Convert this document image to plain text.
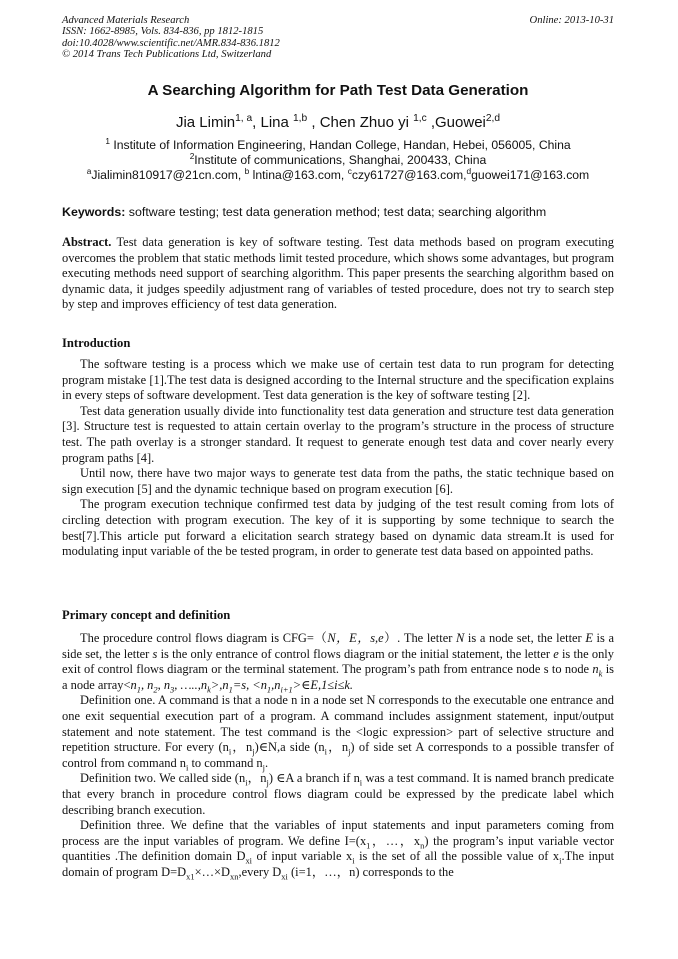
Advanced Materials Research
ISSN: 1662-8985, Vols. 834-836, pp 1812-1815
doi:10.4028/www.scientific.net/AMR.834-836.1812
© 2014 Trans Tech Publications Ltd, Switzerland
Online: 2013-10-31
A Searching Algorithm for Path Test Data Generation
Jia Limin$^{1, a}$, Lina $^{1,b}$ , Chen Zhuo yi $^{1,c}$ ,Guowei$^{2,d}$
$^1$ Institute of Information Engineering, Handan College, Handan, Hebei, 056005, China
$^2$Institute of communications, Shanghai, 200433, China
$^a$Jialimin810917@21cn.com, $^b$ lntina@163.com, $^c$czy61727@163.com,$^d$guowei171@163.com
Keywords: software testing; test data generation method; test data; searching algorithm

Abstract. Test data generation is key of software testing. Test data methods based on program executing overcomes the problem that static methods limit tested procedure, which shows some advantages, but program executing methods need support of searching algorithm. This paper presents the searching algorithm based on dynamic data, it judges speedily adjustment rang of variables of tested procedure, does not try to search step by step and improves efficiency of test data generation.

Introduction

The software testing is a process which we make use of certain test data to run program for detecting program mistake [1].The test data is designed according to the Internal structure and the specification explains in every steps of software development. Test data generation is the key of software testing [2].

Test data generation usually divide into functionality test data generation and structure test data generation [3]. Structure test is requested to attain certain overlay to the program’s structure in the process of structure test. The path overlay is a stronger standard. It request to generate enough test data and cover nearly every program paths [4].

Until now, there have two major ways to generate test data from the paths, the static technique based on sign execution [5] and the dynamic technique based on program execution [6].

The program execution technique confirmed test data by judging of the test result coming from lots of circling detection with program execution. The key of it is supporting by some technique to search the best[7].This article put forward a elicitation search strategy based on dynamic data stream.It is used for modulating input variable of the be tested program, in order to generate test data based on appointed paths.

Primary concept and definition

The procedure control flows diagram is CFG=（N，E，s,e）. The letter N is a node set, the letter E is a side set, the letter s is the only entrance of control flows diagram or the initial statement, the letter e is the only exit of control flows diagram or the terminal statement. The program’s path from entrance node s to node $n_k$ is a node $array<n_1$, $n_2$, $n_3$, $\dots..,n_k>,n_1=s$, $<n_1,n_{i+1}>\in E,1\le i\le k$.

Definition one. A command is that a node n in a node set N corresponds to the executable one entrance and one exit sequential execution part of a program. A command includes assignment statement, input/output statement and note statement. The test command is the <logic expression> part of selective structure and repetition structure. For every ($n_i$，$n_j)\in N,a$ side ($n_i$，$n_j$) of side set A corresponds to a possible transfer of control from command $n_i$ to command $n_j$.

Definition two. We called side ($n_i$，$n_j$) ∈A a branch if $n_i$ was a test command. It is named branch predicate that every branch in procedure control flows diagram could be expressed by the predicate label which describing branch execution.

Definition three. We define that the variables of input statements and input parameters coming from process are the input variables of program. We define $I=(x_1$，…，$x_n$) the program’s input variable vector quantities .The definition domain $D_{xi}$ of input variable $x_i$ is the set of all the possible value of $x_i.The$ input domain of program $D=D_{x1}\times\dots\times D_{xn},every$ $D_{xi}$ (i=1，…，n) corresponds to the
